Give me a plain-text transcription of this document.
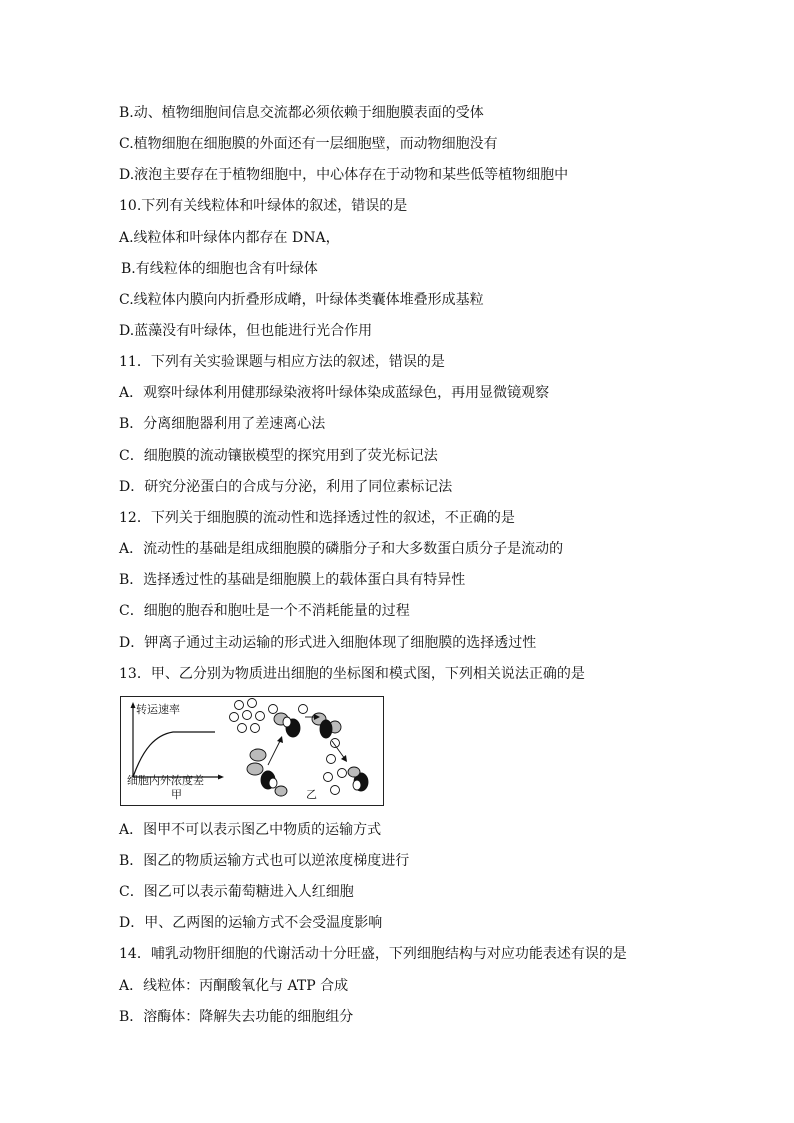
B.动、植物细胞间信息交流都必须依赖于细胞膜表面的受体
C.植物细胞在细胞膜的外面还有一层细胞壁，而动物细胞没有
D.液泡主要存在于植物细胞中，中心体存在于动物和某些低等植物细胞中
10.下列有关线粒体和叶绿体的叙述，错误的是
A.线粒体和叶绿体内都存在 DNA，
B.有线粒体的细胞也含有叶绿体
C.线粒体内膜向内折叠形成嵴，叶绿体类囊体堆叠形成基粒
D.蓝藻没有叶绿体，但也能进行光合作用
11．下列有关实验课题与相应方法的叙述，错误的是
A．观察叶绿体利用健那绿染液将叶绿体染成蓝绿色，再用显微镜观察
B．分离细胞器利用了差速离心法
C．细胞膜的流动镶嵌模型的探究用到了荧光标记法
D．研究分泌蛋白的合成与分泌，利用了同位素标记法
12．下列关于细胞膜的流动性和选择透过性的叙述，不正确的是
A．流动性的基础是组成细胞膜的磷脂分子和大多数蛋白质分子是流动的
B．选择透过性的基础是细胞膜上的载体蛋白具有特异性
C．细胞的胞吞和胞吐是一个不消耗能量的过程
D．钾离子通过主动运输的形式进入细胞体现了细胞膜的选择透过性
13．甲、乙分别为物质进出细胞的坐标图和模式图，下列相关说法正确的是
转运速率
细胞内外浓度差
甲	乙
A．图甲不可以表示图乙中物质的运输方式
B．图乙的物质运输方式也可以逆浓度梯度进行
C．图乙可以表示葡萄糖进入人红细胞
D．甲、乙两图的运输方式不会受温度影响
14．哺乳动物肝细胞的代谢活动十分旺盛，下列细胞结构与对应功能表述有误的是
A．线粒体：丙酮酸氧化与 ATP 合成
B．溶酶体：降解失去功能的细胞组分
